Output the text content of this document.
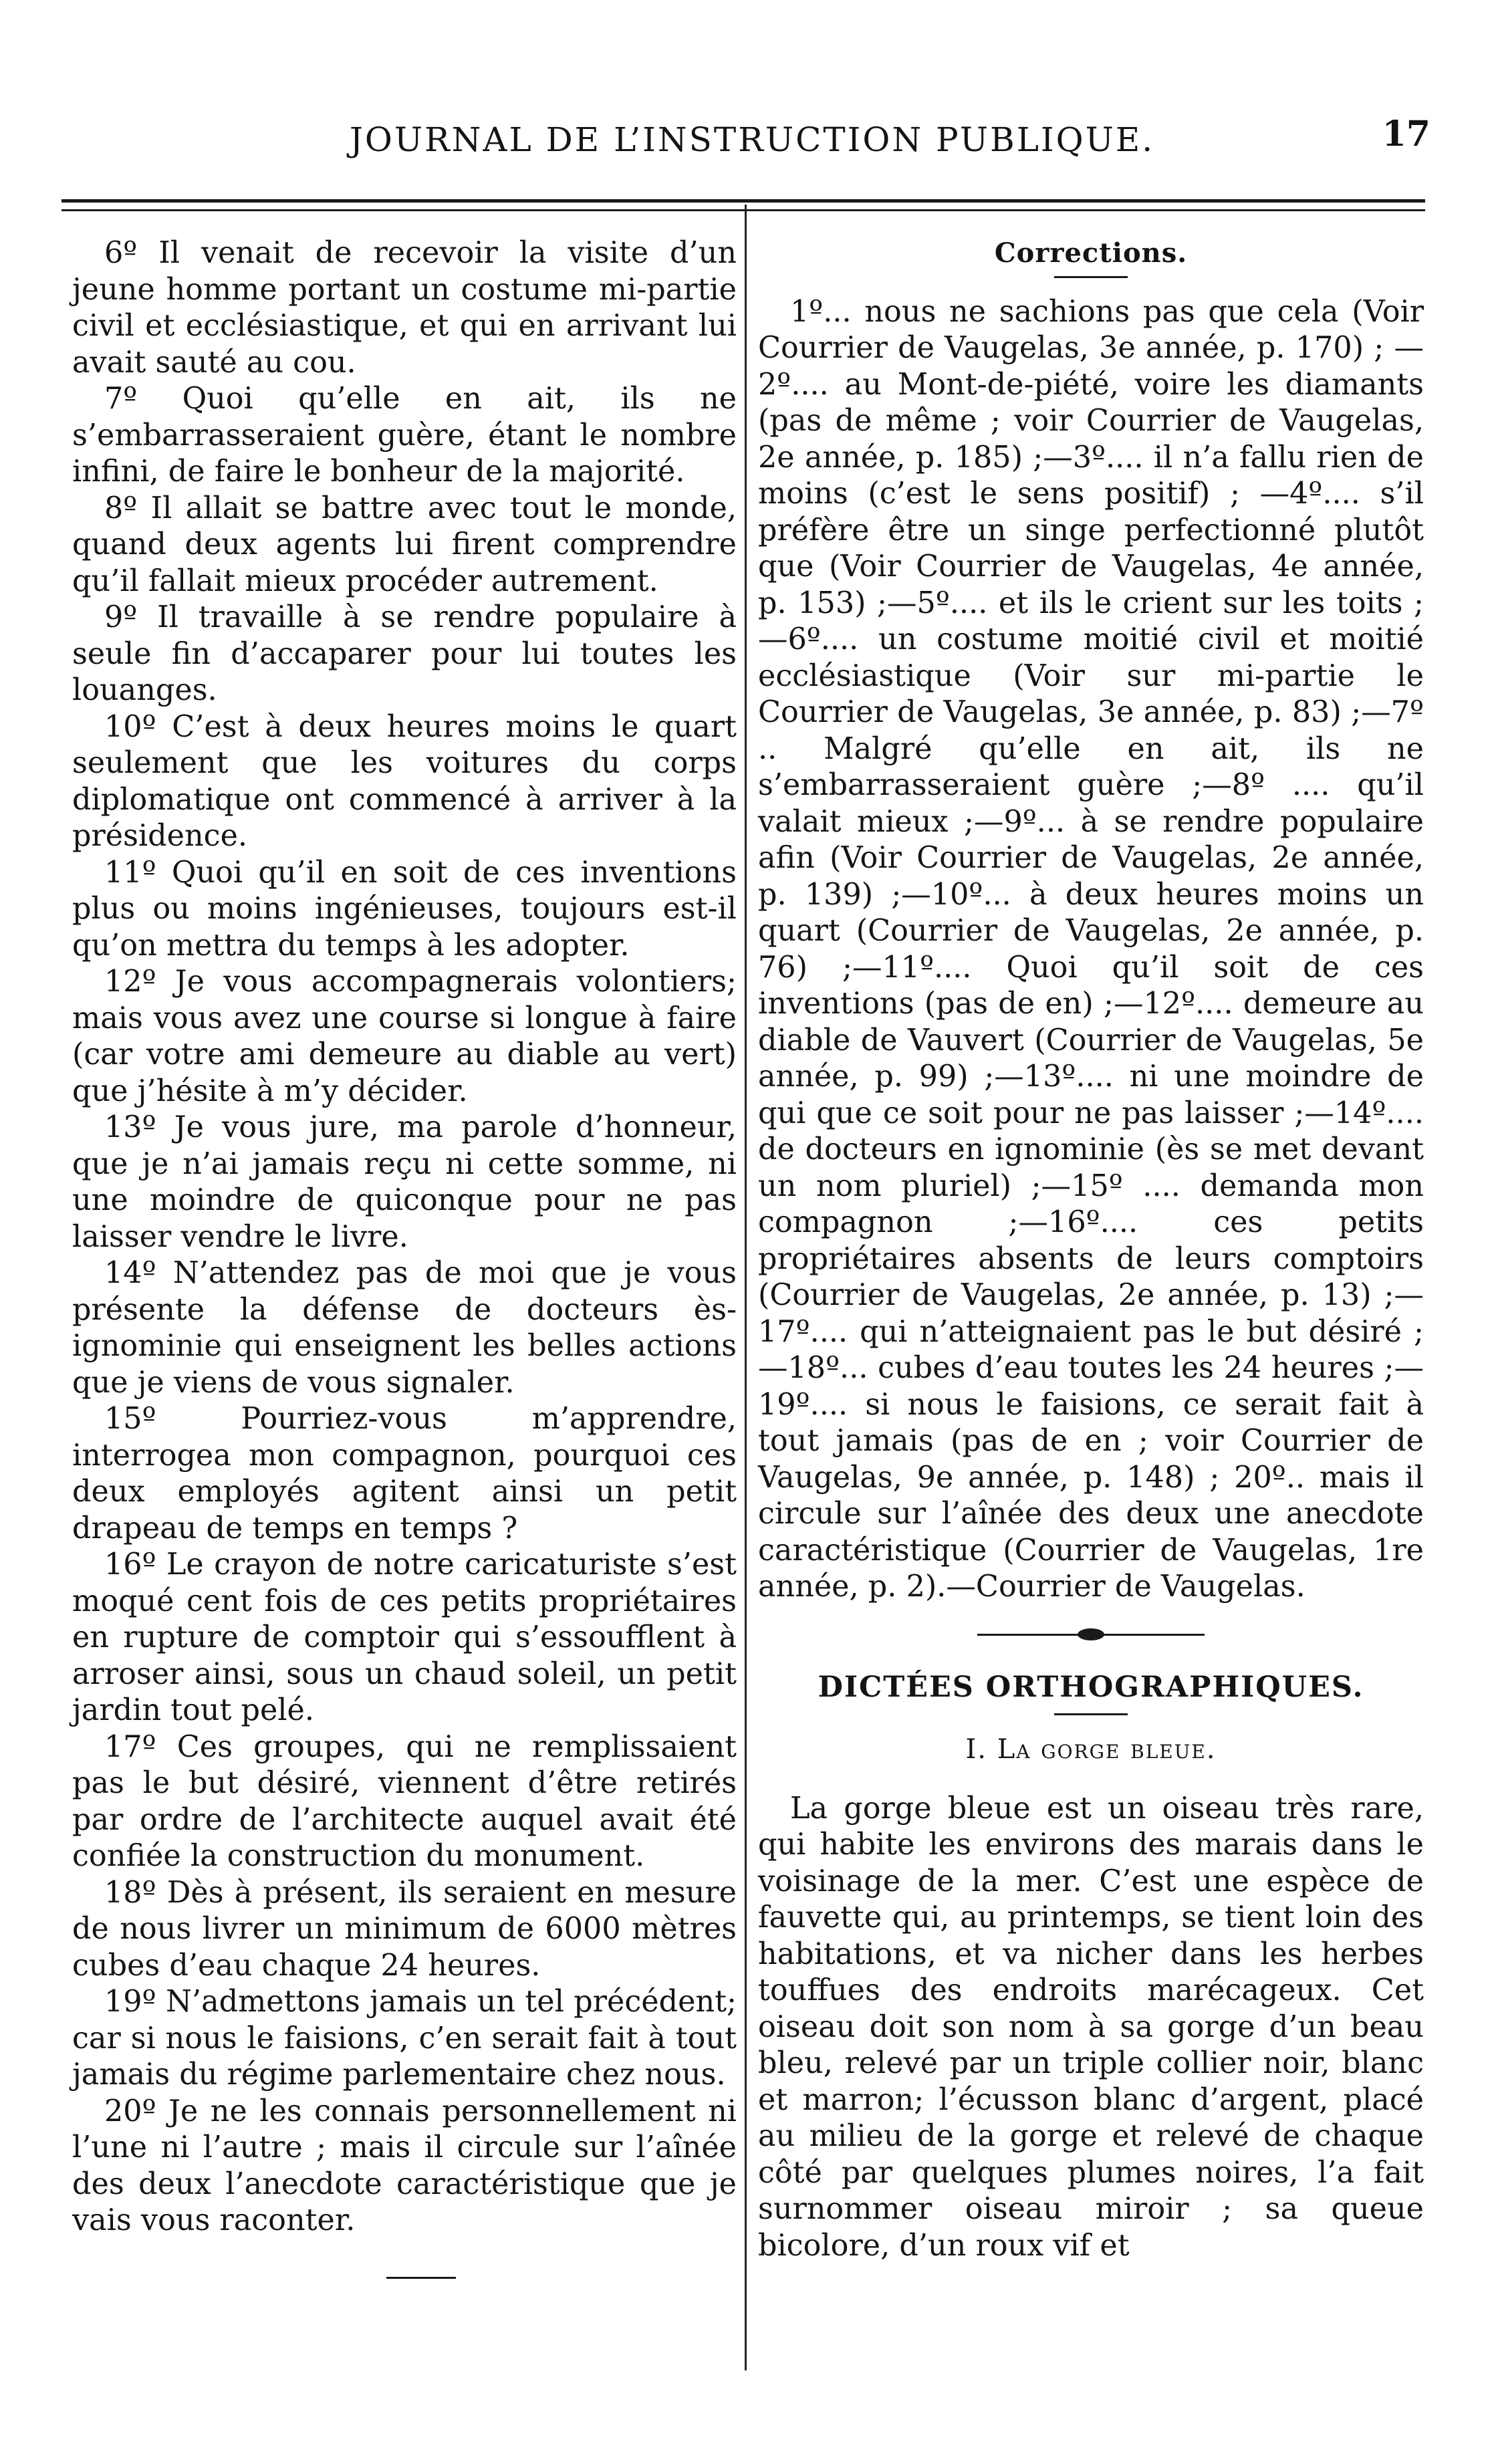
JOURNAL DE L’INSTRUCTION PUBLIQUE.	17

6º Il venait de recevoir la visite d’un jeune homme portant un costume mi-partie civil et ecclésiastique, et qui en arrivant lui avait sauté au cou.

7º Quoi qu’elle en ait, ils ne s’embarrasseraient guère, étant le nombre infini, de faire le bonheur de la majorité.

8º Il allait se battre avec tout le monde, quand deux agents lui firent comprendre qu’il fallait mieux procéder autrement.

9º Il travaille à se rendre populaire à seule fin d’accaparer pour lui toutes les louanges.

10º C’est à deux heures moins le quart seulement que les voitures du corps diplomatique ont commencé à arriver à la présidence.

11º Quoi qu’il en soit de ces inventions plus ou moins ingénieuses, toujours est-il qu’on mettra du temps à les adopter.

12º Je vous accompagnerais volontiers; mais vous avez une course si longue à faire (car votre ami demeure au diable au vert) que j’hésite à m’y décider.

13º Je vous jure, ma parole d’honneur, que je n’ai jamais reçu ni cette somme, ni une moindre de quiconque pour ne pas laisser vendre le livre.

14º N’attendez pas de moi que je vous présente la défense de docteurs ès-ignominie qui enseignent les belles actions que je viens de vous signaler.

15º Pourriez-vous m’apprendre, interrogea mon compagnon, pourquoi ces deux employés agitent ainsi un petit drapeau de temps en temps ?

16º Le crayon de notre caricaturiste s’est moqué cent fois de ces petits propriétaires en rupture de comptoir qui s’essoufflent à arroser ainsi, sous un chaud soleil, un petit jardin tout pelé.

17º Ces groupes, qui ne remplissaient pas le but désiré, viennent d’être retirés par ordre de l’architecte auquel avait été confiée la construction du monument.

18º Dès à présent, ils seraient en mesure de nous livrer un minimum de 6000 mètres cubes d’eau chaque 24 heures.

19º N’admettons jamais un tel précédent; car si nous le faisions, c’en serait fait à tout jamais du régime parlementaire chez nous.

20º Je ne les connais personnellement ni l’une ni l’autre ; mais il circule sur l’aînée des deux l’anecdote caractéristique que je vais vous raconter.

Corrections.

1º... nous ne sachions pas que cela (Voir Courrier de Vaugelas, 3e année, p. 170) ; —2º.... au Mont-de-piété, voire les diamants (pas de même ; voir Courrier de Vaugelas, 2e année, p. 185) ;—3º.... il n’a fallu rien de moins (c’est le sens positif) ; —4º.... s’il préfère être un singe perfectionné plutôt que (Voir Courrier de Vaugelas, 4e année, p. 153) ;—5º.... et ils le crient sur les toits ;—6º.... un costume moitié civil et moitié ecclésiastique (Voir sur mi-partie le Courrier de Vaugelas, 3e année, p. 83) ;—7º .. Malgré qu’elle en ait, ils ne s’embarrasseraient guère ;—8º .... qu’il valait mieux ;—9º... à se rendre populaire afin (Voir Courrier de Vaugelas, 2e année, p. 139) ;—10º... à deux heures moins un quart (Courrier de Vaugelas, 2e année, p. 76) ;—11º.... Quoi qu’il soit de ces inventions (pas de en) ;—12º.... demeure au diable de Vauvert (Courrier de Vaugelas, 5e année, p. 99) ;—13º.... ni une moindre de qui que ce soit pour ne pas laisser ;—14º.... de docteurs en ignominie (ès se met devant un nom pluriel) ;—15º .... demanda mon compagnon ;—16º.... ces petits propriétaires absents de leurs comptoirs (Courrier de Vaugelas, 2e année, p. 13) ;—17º.... qui n’atteignaient pas le but désiré ;—18º... cubes d’eau toutes les 24 heures ;—19º.... si nous le faisions, ce serait fait à tout jamais (pas de en ; voir Courrier de Vaugelas, 9e année, p. 148) ; 20º.. mais il circule sur l’aînée des deux une anecdote caractéristique (Courrier de Vaugelas, 1re année, p. 2).—Courrier de Vaugelas.

DICTÉES ORTHOGRAPHIQUES.

I. La gorge bleue.

La gorge bleue est un oiseau très rare, qui habite les environs des marais dans le voisinage de la mer. C’est une espèce de fauvette qui, au printemps, se tient loin des habitations, et va nicher dans les herbes touffues des endroits marécageux. Cet oiseau doit son nom à sa gorge d’un beau bleu, relevé par un triple collier noir, blanc et marron; l’écusson blanc d’argent, placé au milieu de la gorge et relevé de chaque côté par quelques plumes noires, l’a fait surnommer oiseau miroir ; sa queue bicolore, d’un roux vif et
